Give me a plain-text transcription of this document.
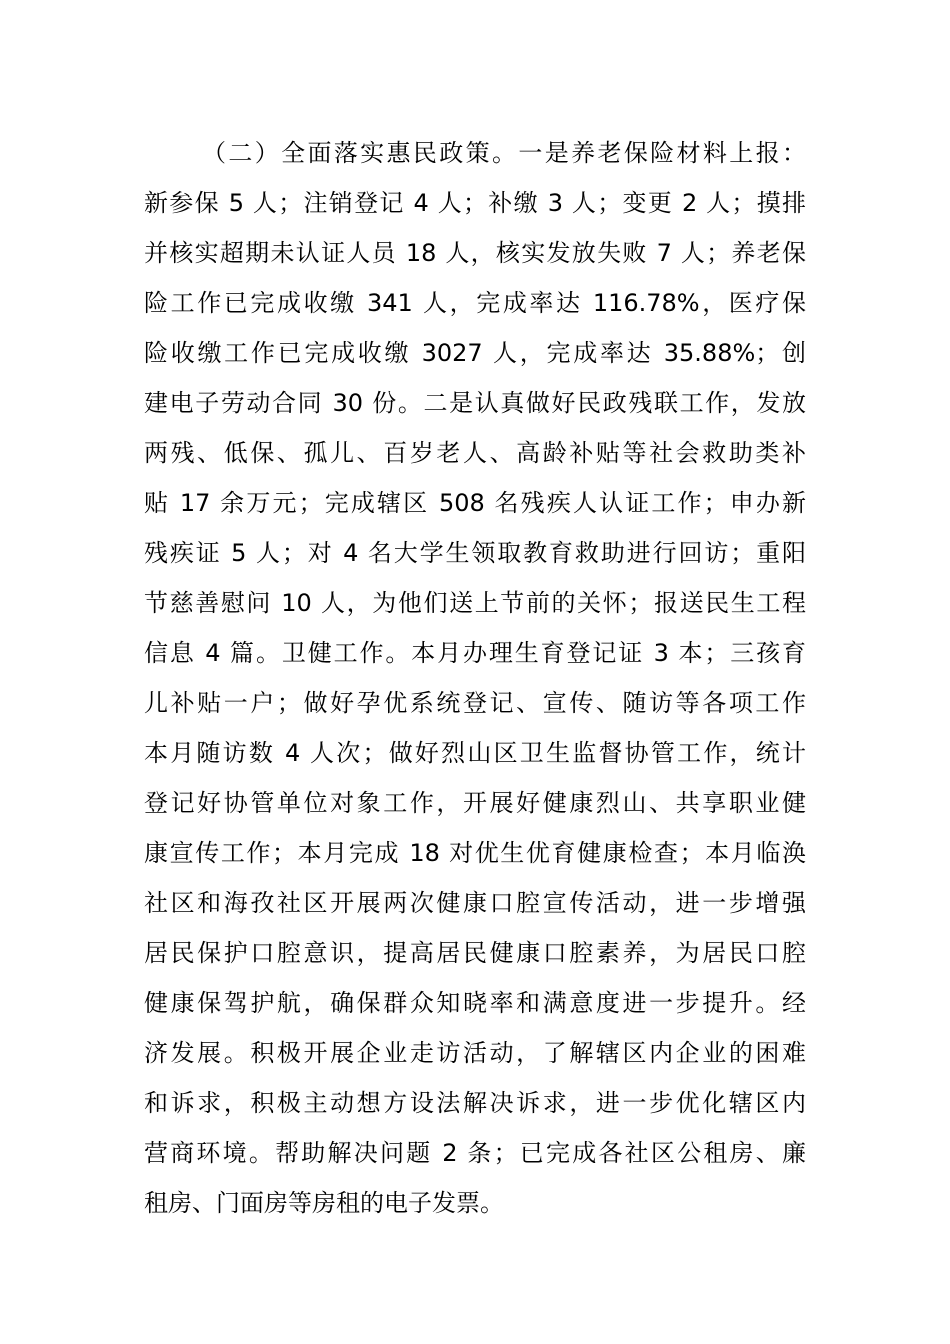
（二）全面落实惠民政策。一是养老保险材料上报：
新参保 5 人；注销登记 4 人；补缴 3 人；变更 2 人；摸排
并核实超期未认证人员 18 人，核实发放失败 7 人；养老保
险工作已完成收缴 341 人，完成率达 116.78%，医疗保
险收缴工作已完成收缴 3027 人，完成率达 35.88%；创
建电子劳动合同 30 份。二是认真做好民政残联工作，发放
两残、低保、孤儿、百岁老人、高龄补贴等社会救助类补
贴 17 余万元；完成辖区 508 名残疾人认证工作；申办新
残疾证 5 人；对 4 名大学生领取教育救助进行回访；重阳
节慈善慰问 10 人，为他们送上节前的关怀；报送民生工程
信息 4 篇。卫健工作。本月办理生育登记证 3 本；三孩育
儿补贴一户；做好孕优系统登记、宣传、随访等各项工作
本月随访数 4 人次；做好烈山区卫生监督协管工作，统计
登记好协管单位对象工作，开展好健康烈山、共享职业健
康宣传工作；本月完成 18 对优生优育健康检查；本月临涣
社区和海孜社区开展两次健康口腔宣传活动，进一步增强
居民保护口腔意识，提高居民健康口腔素养，为居民口腔
健康保驾护航，确保群众知晓率和满意度进一步提升。经
济发展。积极开展企业走访活动，了解辖区内企业的困难
和诉求，积极主动想方设法解决诉求，进一步优化辖区内
营商环境。帮助解决问题 2 条；已完成各社区公租房、廉
租房、门面房等房租的电子发票。
